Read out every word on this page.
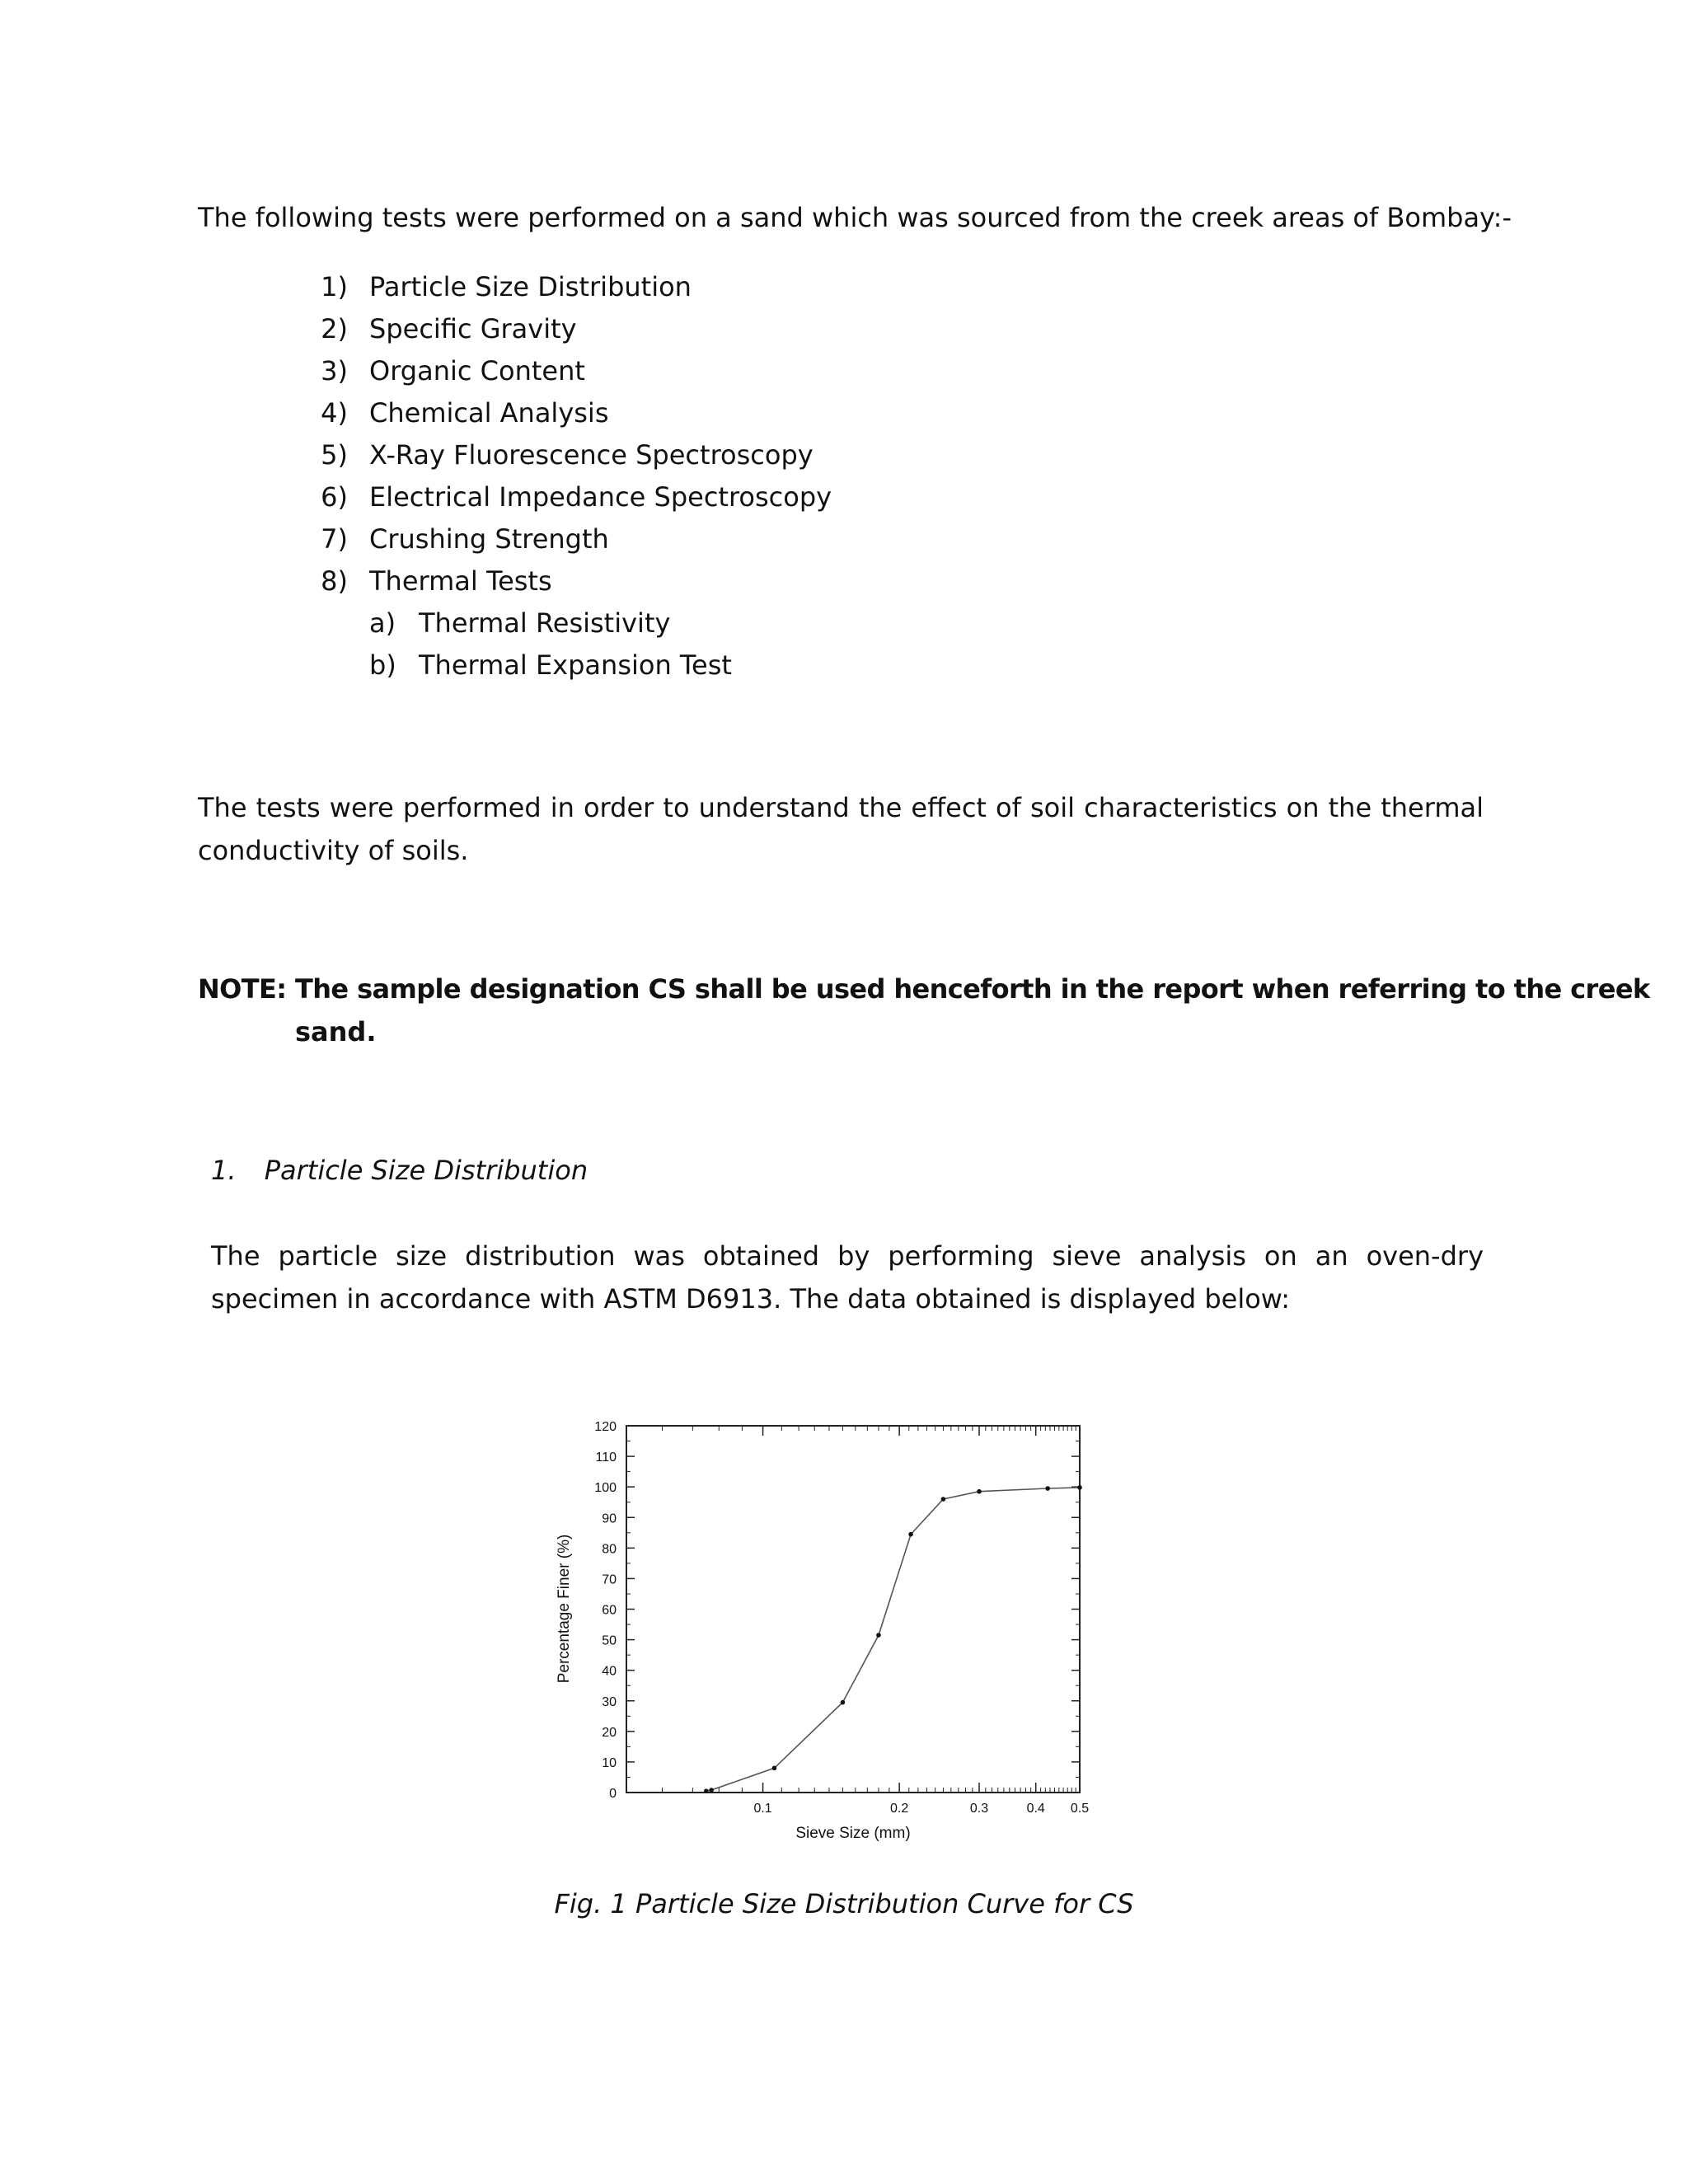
The following tests were performed on a sand which was sourced from the creek areas of Bombay:-
1) Particle Size Distribution
2) Specific Gravity
3) Organic Content
4) Chemical Analysis
5) X-Ray Fluorescence Spectroscopy
6) Electrical Impedance Spectroscopy
7) Crushing Strength
8) Thermal Tests
a) Thermal Resistivity
b) Thermal Expansion Test
The tests were performed in order to understand the effect of soil characteristics on the thermal conductivity of soils.
NOTE: The sample designation CS shall be used henceforth in the report when referring to the creek
sand.
1. Particle Size Distribution
The particle size distribution was obtained by performing sieve analysis on an oven-dry specimen in accordance with ASTM D6913. The data obtained is displayed below:
0
10
20
30
40
50
60
70
80
90
100
110
120
0.1	0.2	0.3	0.4 0.5
Sieve Size (mm)
Percentage Finer (%)
Fig. 1 Particle Size Distribution Curve for CS
